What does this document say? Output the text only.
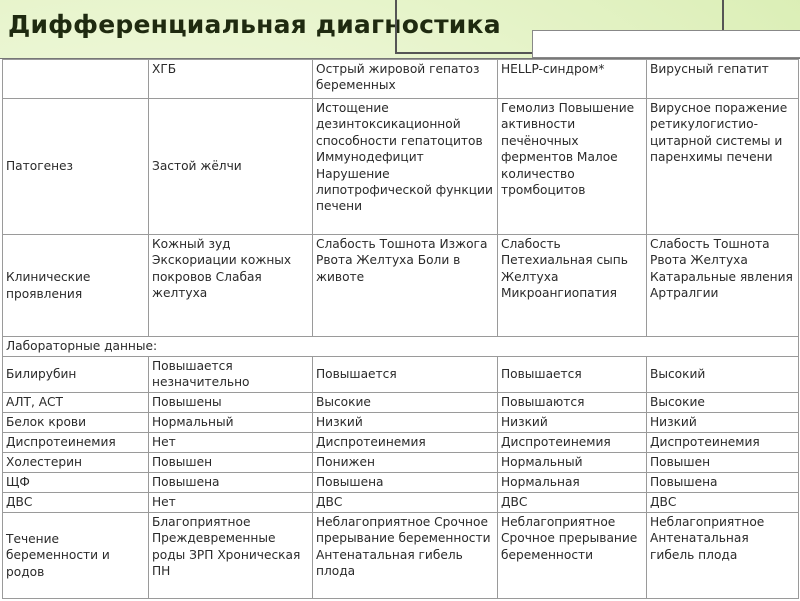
Дифференциальная диагностика
	ХГБ	Острый жировой гепатоз беременных	HELLP-синдром*	Вирусный гепатит
Патогенез	Застой жёлчи	Истощение дезинтоксикационной способности гепатоцитов Иммунодефицит Нарушение липотрофической функции печени	Гемолиз Повышение активности печёночных ферментов Малое количество тромбоцитов	Вирусное поражение ретикулогистио-цитарной системы и паренхимы печени
Клинические проявления	Кожный зуд Экскориации кожных покровов Слабая желтуха	Слабость Тошнота Изжога Рвота Желтуха Боли в животе	Слабость Петехиальная сыпь Желтуха Микроангиопатия	Слабость Тошнота Рвота Желтуха Катаральные явления Артралгии
Лабораторные данные:				
Билирубин	Повышается незначительно	Повышается	Повышается	Высокий
АЛТ, АСТ	Повышены	Высокие	Повышаются	Высокие
Белок крови	Нормальный	Низкий	Низкий	Низкий
Диспротеинемия	Нет	Диспротеинемия	Диспротеинемия	Диспротеинемия
Холестерин	Повышен	Понижен	Нормальный	Повышен
ЩФ	Повышена	Повышена	Нормальная	Повышена
ДВС	Нет	ДВС	ДВС	ДВС
Течение беременности и родов	Благоприятное Преждевременные роды ЗРП Хроническая ПН	Неблагоприятное Срочное прерывание беременности Антенатальная гибель плода	Неблагоприятное Срочное прерывание беременности	Неблагоприятное Антенатальная гибель плода
